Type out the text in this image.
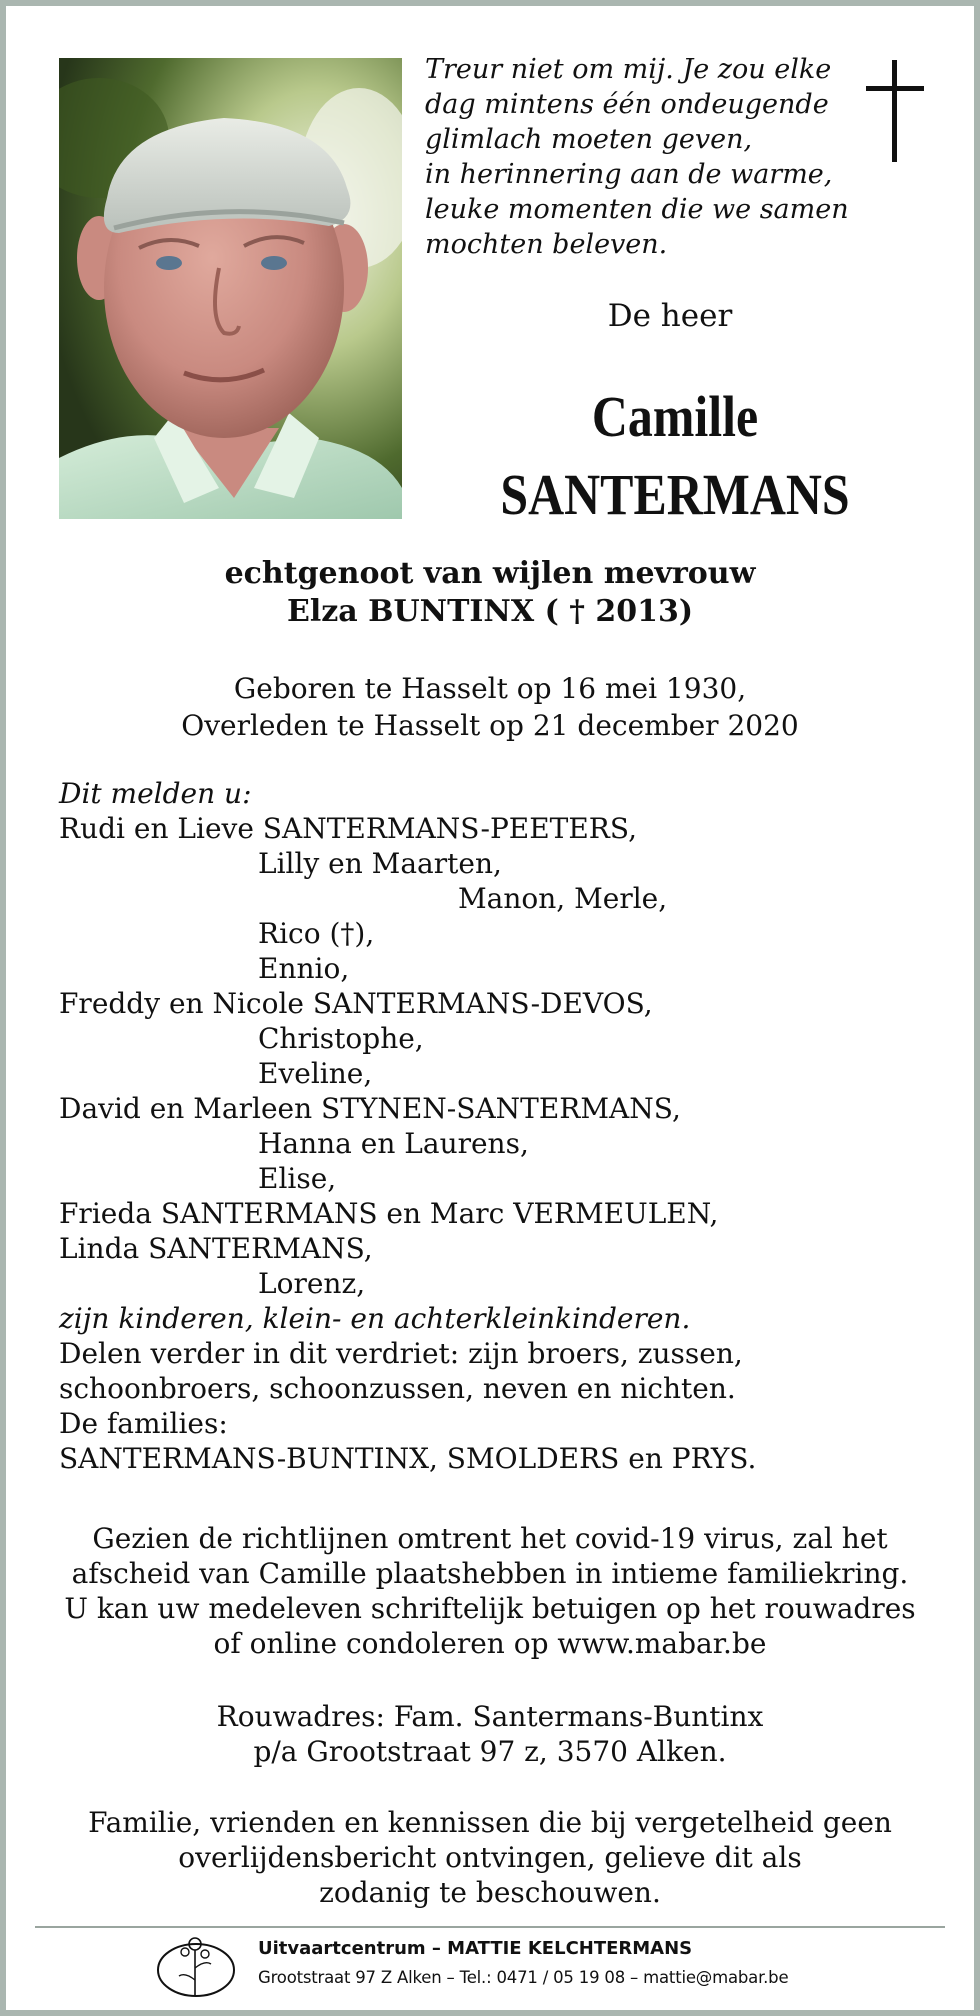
Treur niet om mij. Je zou elke
dag mintens één ondeugende
glimlach moeten geven,
in herinnering aan de warme,
leuke momenten die we samen
mochten beleven.
De heer
Camille
SANTERMANS
echtgenoot van wijlen mevrouw
Elza BUNTINX ( † 2013)
Geboren te Hasselt op 16 mei 1930,
Overleden te Hasselt op 21 december 2020
Dit melden u:
Rudi en Lieve SANTERMANS-PEETERS,
Lilly en Maarten,
Manon, Merle,
Rico (†),
Ennio,
Freddy en Nicole SANTERMANS-DEVOS,
Christophe,
Eveline,
David en Marleen STYNEN-SANTERMANS,
Hanna en Laurens,
Elise,
Frieda SANTERMANS en Marc VERMEULEN,
Linda SANTERMANS,
Lorenz,
zijn kinderen, klein- en achterkleinkinderen.
Delen verder in dit verdriet: zijn broers, zussen,
schoonbroers, schoonzussen, neven en nichten.
De families:
SANTERMANS-BUNTINX, SMOLDERS en PRYS.
Gezien de richtlijnen omtrent het covid-19 virus, zal het
afscheid van Camille plaatshebben in intieme familiekring.
U kan uw medeleven schriftelijk betuigen op het rouwadres
of online condoleren op www.mabar.be
Rouwadres: Fam. Santermans-Buntinx
p/a Grootstraat 97 z, 3570 Alken.
Familie, vrienden en kennissen die bij vergetelheid geen
overlijdensbericht ontvingen, gelieve dit als
zodanig te beschouwen.
Uitvaartcentrum – MATTIE KELCHTERMANS
Grootstraat 97 Z Alken – Tel.: 0471 / 05 19 08 – mattie@mabar.be
